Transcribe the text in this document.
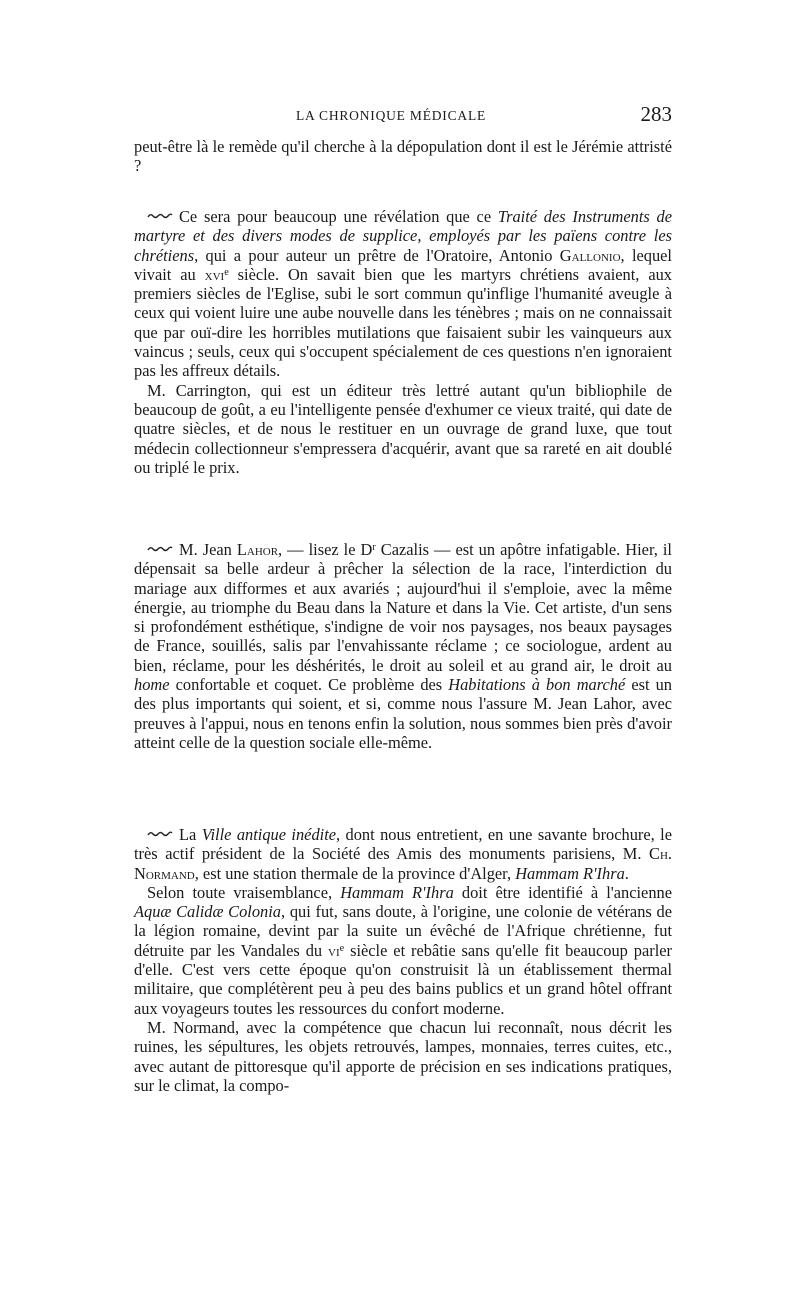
LA CHRONIQUE MÉDICALE	283

peut-être là le remède qu'il cherche à la dépopulation dont il est le Jérémie attristé ?

Ce sera pour beaucoup une révélation que ce Traité des Instruments de martyre et des divers modes de supplice, employés par les païens contre les chrétiens, qui a pour auteur un prêtre de l'Oratoire, Antonio Gallonio, lequel vivait au xvi$^e$ siècle. On savait bien que les martyrs chrétiens avaient, aux premiers siècles de l'Eglise, subi le sort commun qu'inflige l'humanité aveugle à ceux qui voient luire une aube nouvelle dans les ténèbres ; mais on ne connaissait que par ouï-dire les horribles mutilations que faisaient subir les vainqueurs aux vaincus ; seuls, ceux qui s'occupent spécialement de ces questions n'en ignoraient pas les affreux détails.

M. Carrington, qui est un éditeur très lettré autant qu'un bibliophile de beaucoup de goût, a eu l'intelligente pensée d'exhumer ce vieux traité, qui date de quatre siècles, et de nous le restituer en un ouvrage de grand luxe, que tout médecin collectionneur s'empressera d'acquérir, avant que sa rareté en ait doublé ou triplé le prix.

M. Jean Lahor, — lisez le $D^r$ Cazalis — est un apôtre infatigable. Hier, il dépensait sa belle ardeur à prêcher la sélection de la race, l'interdiction du mariage aux difformes et aux avariés ; aujourd'hui il s'emploie, avec la même énergie, au triomphe du Beau dans la Nature et dans la Vie. Cet artiste, d'un sens si profondément esthétique, s'indigne de voir nos paysages, nos beaux paysages de France, souillés, salis par l'envahissante réclame ; ce sociologue, ardent au bien, réclame, pour les déshérités, le droit au soleil et au grand air, le droit au home confortable et coquet. Ce problème des Habitations à bon marché est un des plus importants qui soient, et si, comme nous l'assure M. Jean Lahor, avec preuves à l'appui, nous en tenons enfin la solution, nous sommes bien près d'avoir atteint celle de la question sociale elle-même.

La Ville antique inédite, dont nous entretient, en une savante brochure, le très actif président de la Société des Amis des monuments parisiens, M. Ch. Normand, est une station thermale de la province d'Alger, Hammam R'Ihra.

Selon toute vraisemblance, Hammam R'Ihra doit être identifié à l'ancienne Aquæ Calidæ Colonia, qui fut, sans doute, à l'origine, une colonie de vétérans de la légion romaine, devint par la suite un évêché de l'Afrique chrétienne, fut détruite par les Vandales du $vi^e$ siècle et rebâtie sans qu'elle fit beaucoup parler d'elle. C'est vers cette époque qu'on construisit là un établissement thermal militaire, que complétèrent peu à peu des bains publics et un grand hôtel offrant aux voyageurs toutes les ressources du confort moderne.

M. Normand, avec la compétence que chacun lui reconnaît, nous décrit les ruines, les sépultures, les objets retrouvés, lampes, monnaies, terres cuites, etc., avec autant de pittoresque qu'il apporte de précision en ses indications pratiques, sur le climat, la compo-
